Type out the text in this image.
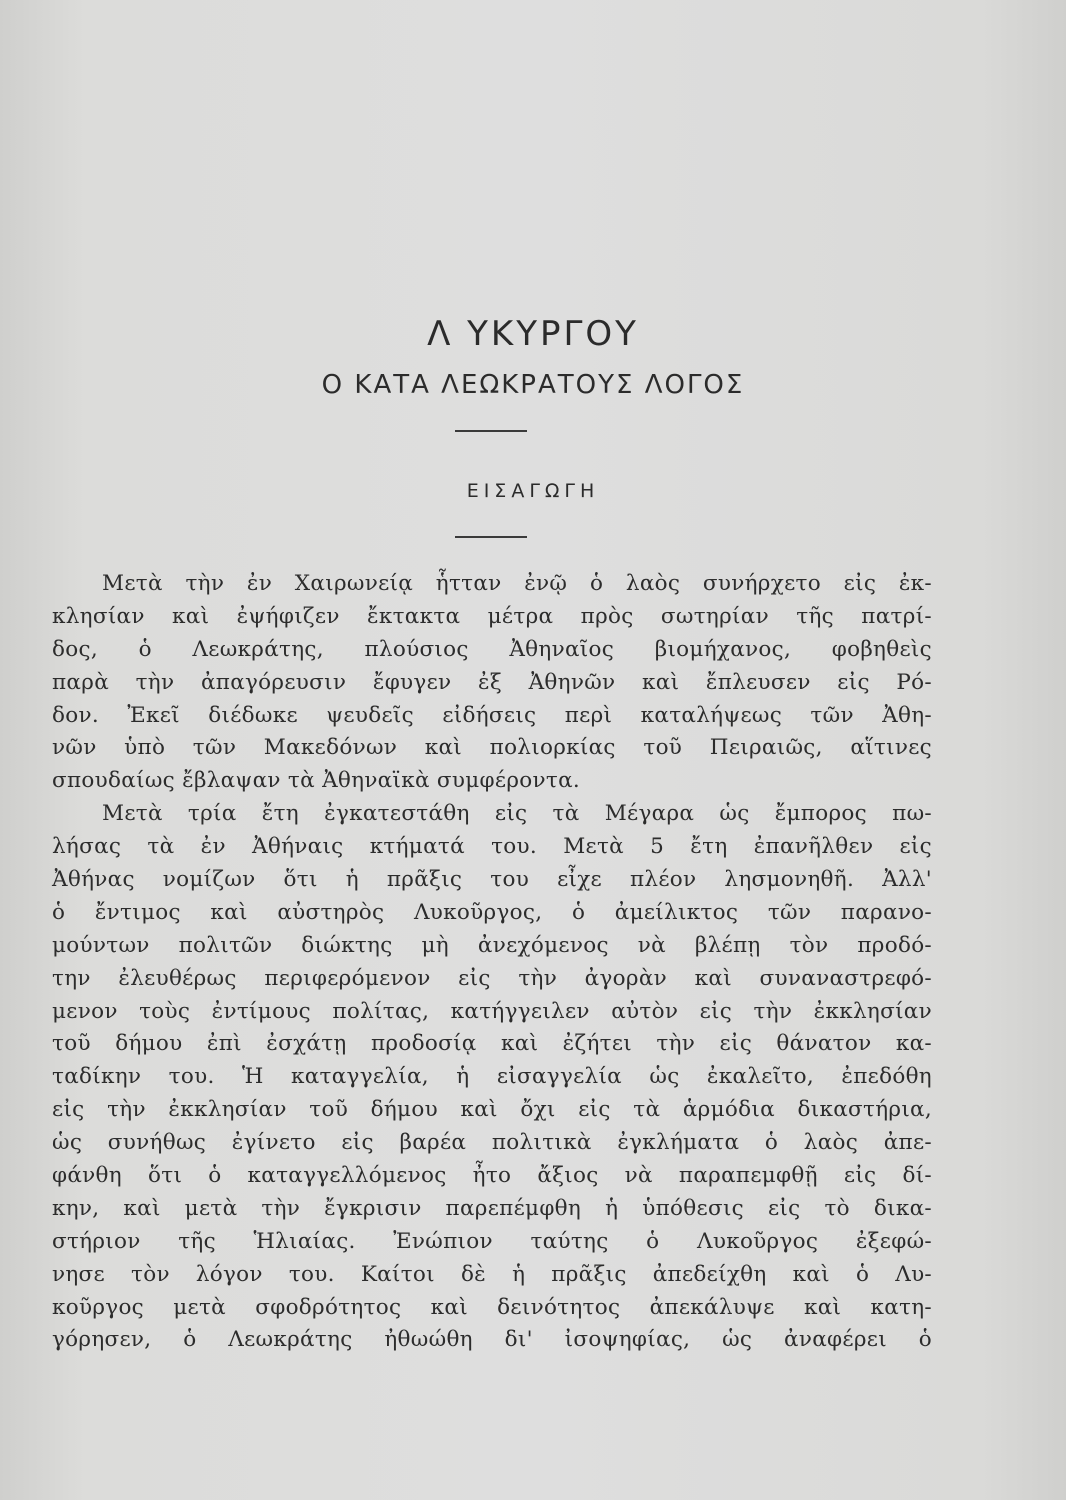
Λ ΥΚΥΡΓΟΥ
Ο ΚΑΤΑ ΛΕΩΚΡΑΤΟΥΣ ΛΟΓΟΣ
ΕΙΣΑΓΩΓΗ
Μετὰ τὴν ἐν Χαιρωνείᾳ ἧτταν ἐνῷ ὁ λαὸς συνήρχετο εἰς ἐκ-
κλησίαν καὶ ἐψήφιζεν ἔκτακτα μέτρα πρὸς σωτηρίαν τῆς πατρί-
δος, ὁ Λεωκράτης, πλούσιος Ἀθηναῖος βιομήχανος, φοβηθεὶς
παρὰ τὴν ἀπαγόρευσιν ἔφυγεν ἐξ Ἀθηνῶν καὶ ἔπλευσεν εἰς Ρό-
δον. Ἐκεῖ διέδωκε ψευδεῖς εἰδήσεις περὶ καταλήψεως τῶν Ἀθη-
νῶν ὑπὸ τῶν Μακεδόνων καὶ πολιορκίας τοῦ Πειραιῶς, αἵτινες
σπουδαίως ἔβλαψαν τὰ Ἀθηναϊκὰ συμφέροντα.
Μετὰ τρία ἔτη ἐγκατεστάθη εἰς τὰ Μέγαρα ὡς ἔμπορος πω-
λήσας τὰ ἐν Ἀθήναις κτήματά του. Μετὰ 5 ἔτη ἐπανῆλθεν εἰς
Ἀθήνας νομίζων ὅτι ἡ πρᾶξις του εἶχε πλέον λησμονηθῆ. Ἀλλ'
ὁ ἔντιμος καὶ αὐστηρὸς Λυκοῦργος, ὁ ἀμείλικτος τῶν παρανο-
μούντων πολιτῶν διώκτης μὴ ἀνεχόμενος νὰ βλέπῃ τὸν προδό-
την ἐλευθέρως περιφερόμενον εἰς τὴν ἀγορὰν καὶ συναναστρεφό-
μενον τοὺς ἐντίμους πολίτας, κατήγγειλεν αὐτὸν εἰς τὴν ἐκκλησίαν
τοῦ δήμου ἐπὶ ἐσχάτῃ προδοσίᾳ καὶ ἐζήτει τὴν εἰς θάνατον κα-
ταδίκην του. Ἡ καταγγελία, ἡ εἰσαγγελία ὡς ἐκαλεῖτο, ἐπεδόθη
εἰς τὴν ἐκκλησίαν τοῦ δήμου καὶ ὄχι εἰς τὰ ἁρμόδια δικαστήρια,
ὡς συνήθως ἐγίνετο εἰς βαρέα πολιτικὰ ἐγκλήματα ὁ λαὸς ἀπε-
φάνθη ὅτι ὁ καταγγελλόμενος ἦτο ἄξιος νὰ παραπεμφθῇ εἰς δί-
κην, καὶ μετὰ τὴν ἔγκρισιν παρεπέμφθη ἡ ὑπόθεσις εἰς τὸ δικα-
στήριον τῆς Ἡλιαίας. Ἐνώπιον ταύτης ὁ Λυκοῦργος ἐξεφώ-
νησε τὸν λόγον του. Καίτοι δὲ ἡ πρᾶξις ἀπεδείχθη καὶ ὁ Λυ-
κοῦργος μετὰ σφοδρότητος καὶ δεινότητος ἀπεκάλυψε καὶ κατη-
γόρησεν, ὁ Λεωκράτης ἠθωώθη δι' ἰσοψηφίας, ὡς ἀναφέρει ὁ
